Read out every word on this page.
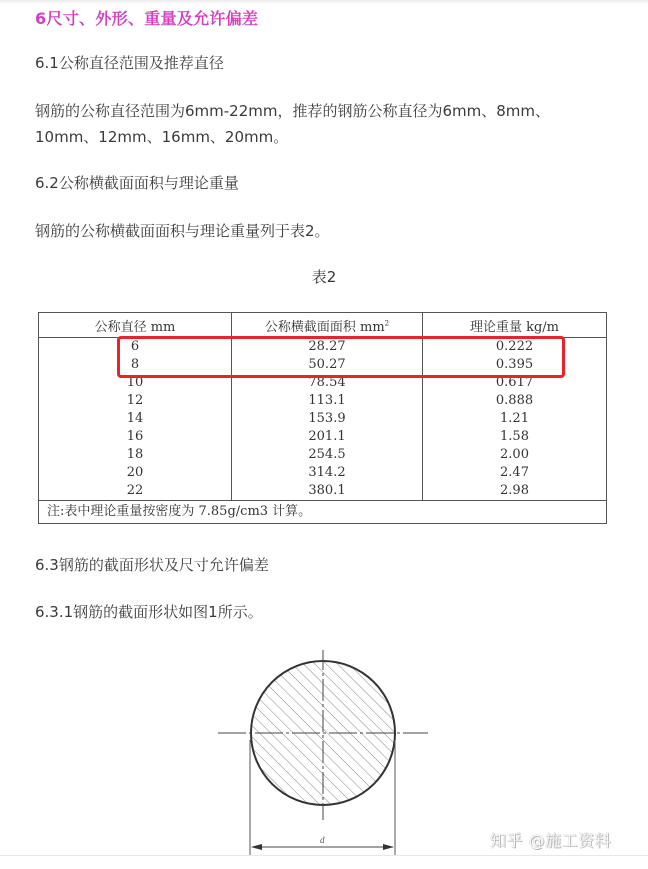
6尺寸、外形、重量及允许偏差
6.1公称直径范围及推荐直径
钢筋的公称直径范围为6mm-22mm，推荐的钢筋公称直径为6mm、8mm、
10mm、12mm、16mm、20mm。
6.2公称横截面面积与理论重量
钢筋的公称横截面面积与理论重量列于表2。
表2
公称直径 mm	公称横截面面积 $mm^2$	理论重量 kg/m
6	28.27	0.222
8	50.27	0.395
10	78.54	0.617
12	113.1	0.888
14	153.9	1.21
16	201.1	1.58
18	254.5	2.00
20	314.2	2.47
22	380.1	2.98
注:表中理论重量按密度为 7.85g/cm3 计算。		
6.3钢筋的截面形状及尺寸允许偏差
6.3.1钢筋的截面形状如图1所示。
d	知乎 @施工资料
